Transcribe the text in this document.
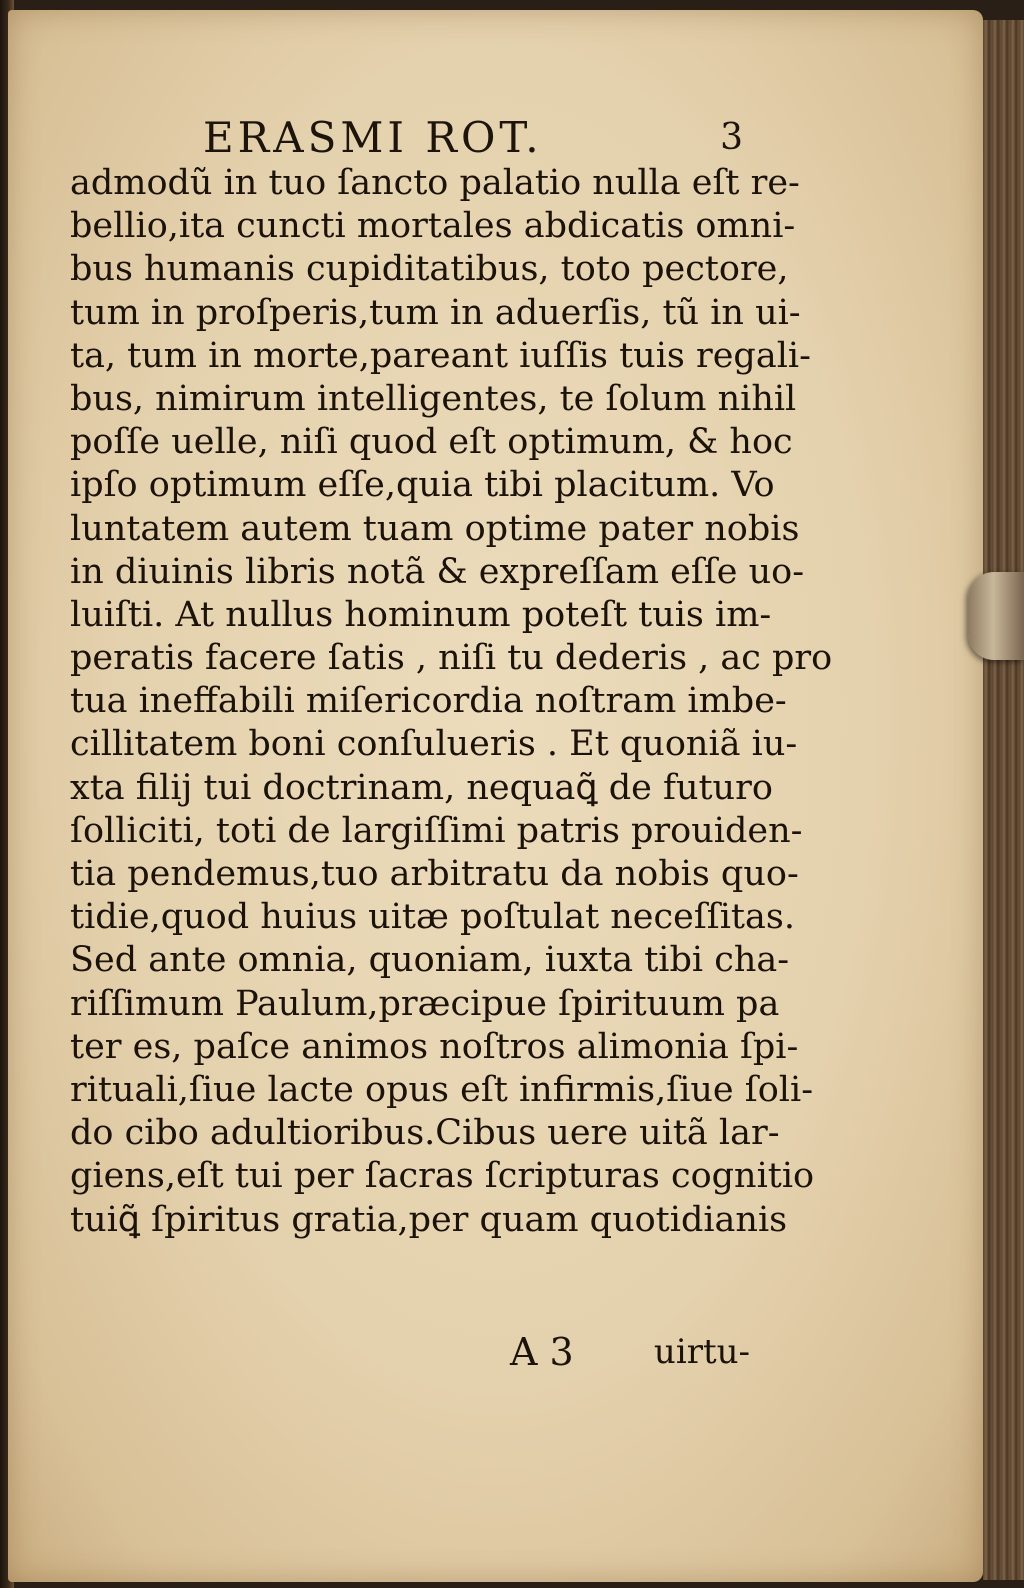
ERASMI ROT.	3
admodũ in tuo ſancto palatio nulla eſt re-
bellio,ita cuncti mortales abdicatis omni-
bus humanis cupiditatibus, toto pectore,
tum in proſperis,tum in aduerſis, tũ in ui-
ta, tum in morte,pareant iuſſis tuis regali-
bus, nimirum intelligentes, te ſolum nihil
poſſe uelle, niſi quod eſt optimum, & hoc
ipſo optimum eſſe,quia tibi placitum. Vo
luntatem autem tuam optime pater nobis
in diuinis libris notã & expreſſam eſſe uo-
luiſti. At nullus hominum poteſt tuis im-
peratis facere ſatis , niſi tu dederis , ac pro
tua ineffabili miſericordia noſtram imbe-
cillitatem boni conſulueris . Et quoniã iu-
xta filij tui doctrinam, nequaꝗ̃ de futuro
ſolliciti, toti de largiſſimi patris prouiden-
tia pendemus,tuo arbitratu da nobis quo-
tidie,quod huius uitæ poſtulat neceſſitas.
Sed ante omnia, quoniam, iuxta tibi cha-
riſſimum Paulum,præcipue ſpirituum pa
ter es, paſce animos noſtros alimonia ſpi-
rituali,ſiue lacte opus eſt infirmis,ſiue ſoli-
do cibo adultioribus.Cibus uere uitã lar-
giens,eſt tui per ſacras ſcripturas cognitio
tuiꝗ̃ ſpiritus gratia,per quam quotidianis
A 3 uirtu-
